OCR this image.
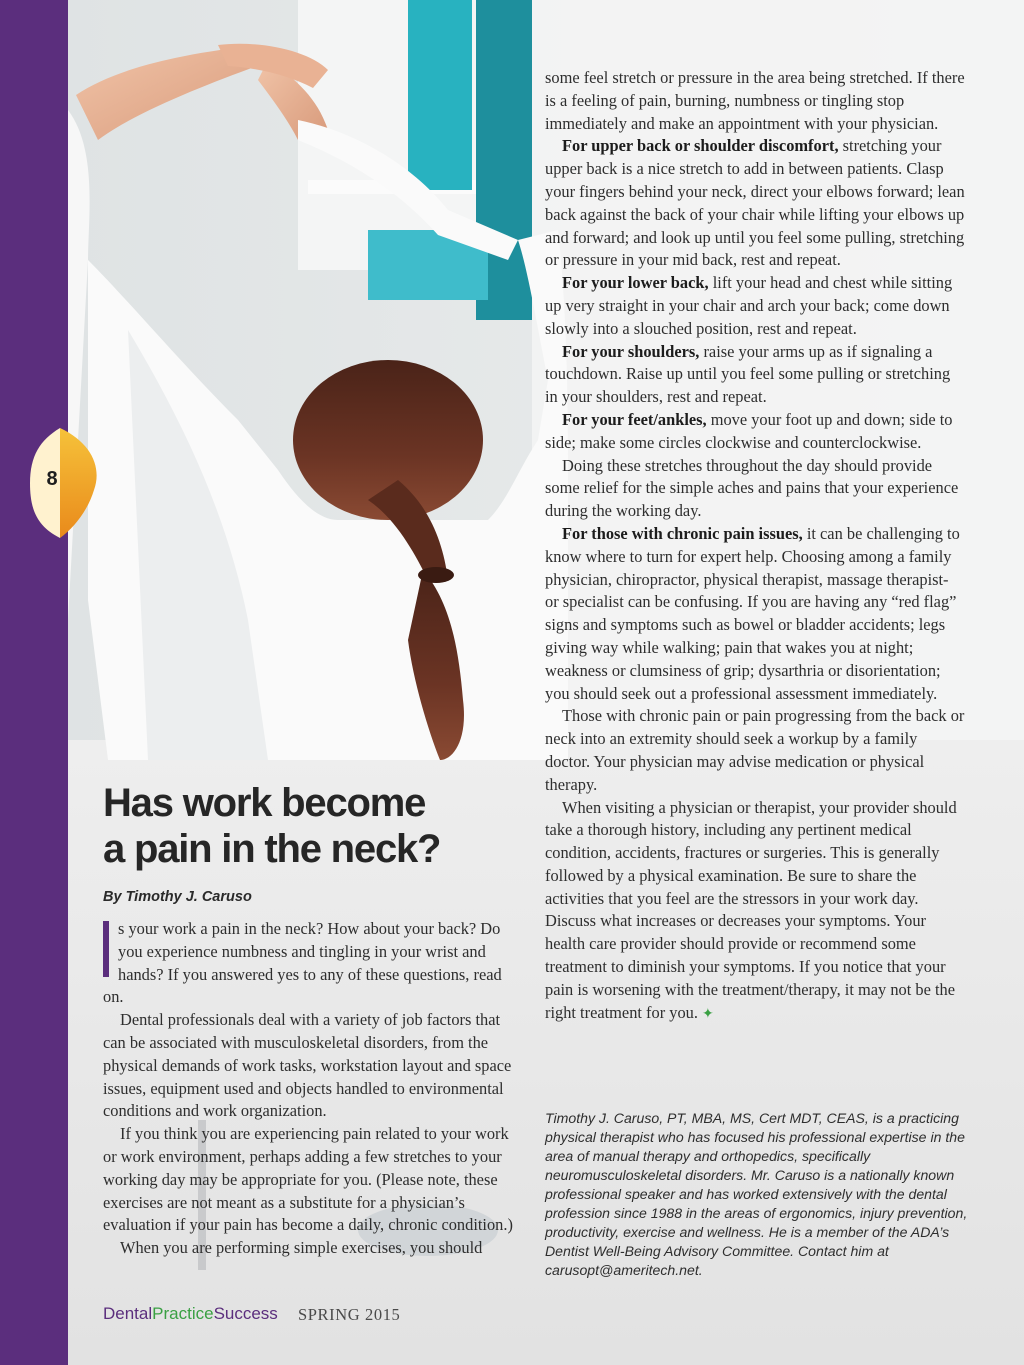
8

some feel stretch or pressure in the area being stretched. If there is a feeling of pain, burning, numbness or tingling stop immediately and make an appointment with your physician.

For upper back or shoulder discomfort, stretching your upper back is a nice stretch to add in between patients. Clasp your fingers behind your neck, direct your elbows forward; lean back against the back of your chair while lifting your elbows up and forward; and look up until you feel some pulling, stretching or pressure in your mid back, rest and repeat.

For your lower back, lift your head and chest while sitting up very straight in your chair and arch your back; come down slowly into a slouched position, rest and repeat.

For your shoulders, raise your arms up as if signaling a touchdown. Raise up until you feel some pulling or stretching in your shoulders, rest and repeat.

For your feet/ankles, move your foot up and down; side to side; make some circles clockwise and counterclockwise.

Doing these stretches throughout the day should provide some relief for the simple aches and pains that your experience during the working day.

For those with chronic pain issues, it can be challenging to know where to turn for expert help. Choosing among a family physician, chiropractor, physical therapist, massage therapist- or specialist can be confusing. If you are having any “red flag” signs and symptoms such as bowel or bladder accidents; legs giving way while walking; pain that wakes you at night; weakness or clumsiness of grip; dysarthria or disorientation; you should seek out a professional assessment immediately.

Those with chronic pain or pain progressing from the back or neck into an extremity should seek a workup by a family doctor. Your physician may advise medication or physical therapy.

When visiting a physician or therapist, your provider should take a thorough history, including any pertinent medical condition, accidents, fractures or surgeries. This is generally followed by a physical examination. Be sure to share the activities that you feel are the stressors in your work day. Discuss what increases or decreases your symptoms. Your health care provider should provide or recommend some treatment to diminish your symptoms. If you notice that your pain is worsening with the treatment/therapy, it may not be the right treatment for you. ✦

Has work become
a pain in the neck?
By Timothy J. Caruso

s your work a pain in the neck? How about your back? Do you experience numbness and tingling in your wrist and hands? If you answered yes to any of these questions, read on.

Dental professionals deal with a variety of job factors that can be associated with musculoskeletal disorders, from the physical demands of work tasks, workstation layout and space issues, equipment used and objects handled to environmental conditions and work organization.

If you think you are experiencing pain related to your work or work environment, perhaps adding a few stretches to your working day may be appropriate for you. (Please note, these exercises are not meant as a substitute for a physician’s evaluation if your pain has become a daily, chronic condition.)

When you are performing simple exercises, you should

Timothy J. Caruso, PT, MBA, MS, Cert MDT, CEAS, is a practicing physical therapist who has focused his professional expertise in the area of manual therapy and orthopedics, specifically neuromusculoskeletal disorders. Mr. Caruso is a nationally known professional speaker and has worked extensively with the dental profession since 1988 in the areas of ergonomics, injury prevention, productivity, exercise and wellness. He is a member of the ADA’s Dentist Well-Being Advisory Committee. Contact him at carusopt@ameritech.net.
DentalPracticeSuccess SPRING 2015
